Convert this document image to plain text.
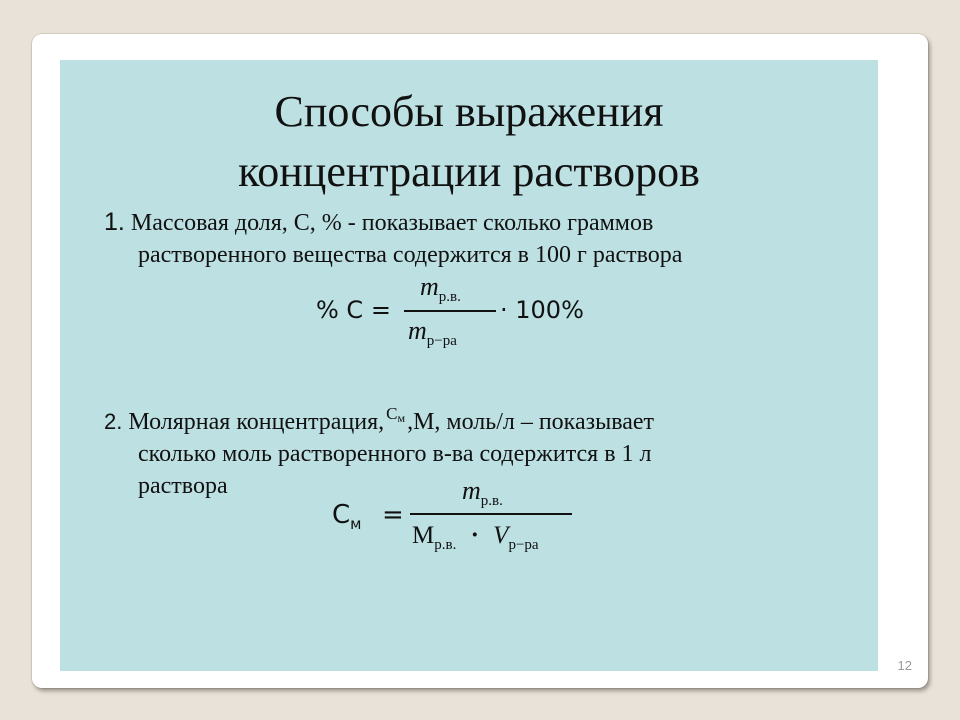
Способы выражения
концентрации растворов
1. Массовая доля, С, % - показывает сколько граммов
растворенного вещества содержится в 100 г раствора
% С =
$m_{р.в.}$
$m_{р-ра}$
· 100%
2. Молярная концентрация, См,М, моль/л – показывает
сколько моль растворенного в-ва содержится в 1 л
раствора
$С_м$ =
$m_{р.в.}$
$M_{р.в.} \cdot V_{р-ра}$
12
